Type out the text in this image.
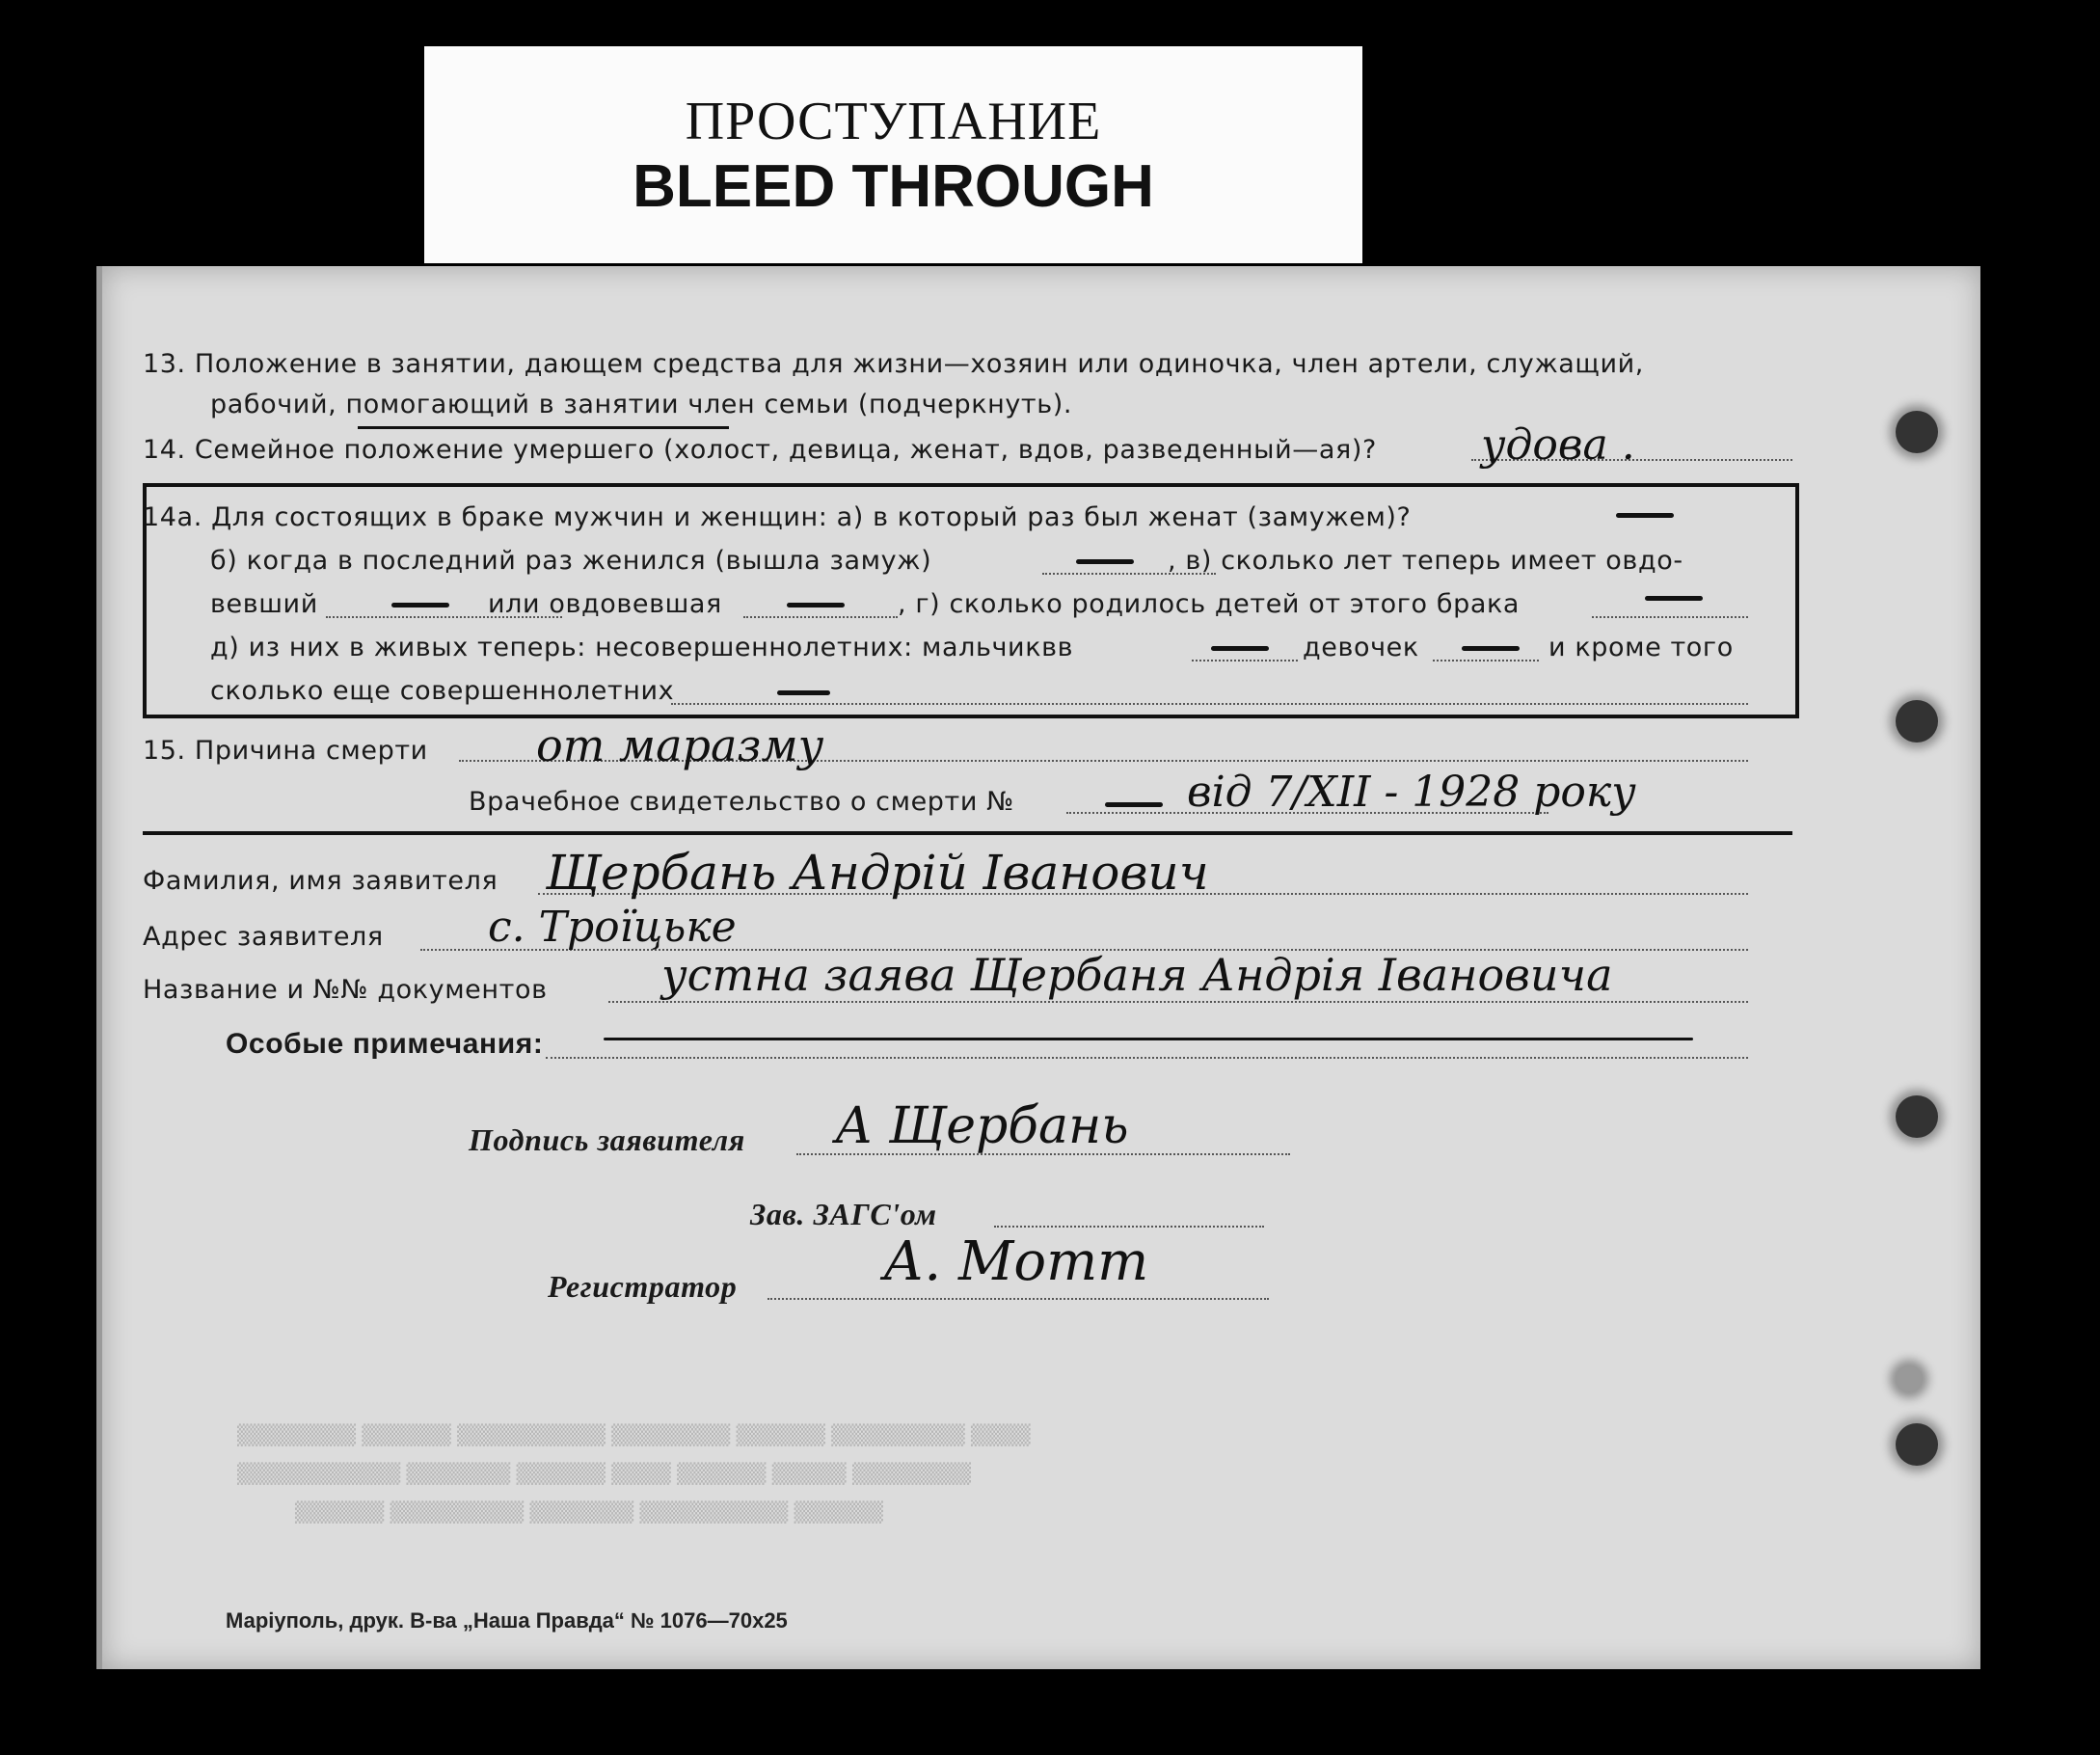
ПРОСТУПАНИЕ
BLEED THROUGH
▒▒▒▒ ▒▒▒▒▒▒▒▒▒ ▒▒▒▒▒▒ ▒▒▒▒▒▒▒▒ ▒▒▒▒▒▒▒▒▒▒ ▒▒▒▒▒▒ ▒▒▒▒▒▒▒▒
▒▒▒▒▒▒▒▒ ▒▒▒▒▒ ▒▒▒▒▒▒ ▒▒▒▒ ▒▒▒▒▒▒ ▒▒▒▒▒▒▒ ▒▒▒▒▒▒▒▒▒▒▒
▒▒▒▒▒▒ ▒▒▒▒▒▒▒▒▒▒ ▒▒▒▒▒▒▒ ▒▒▒▒▒▒▒▒▒ ▒▒▒▒▒▒
13. Положение в занятии, дающем средства для жизни—хозяин или одиночка, член артели, служащий,
рабочий, помогающий в занятии член семьи (подчеркнуть).
14. Семейное положение умершего (холост, девица, женат, вдов, разведенный—ая)? удова .
14а. Для состоящих в браке мужчин и женщин: а) в который раз был женат (замужем)?
б) когда в последний раз женился (вышла замуж)	, в) сколько лет теперь имеет овдо-
вевший	или овдовевшая	, г) сколько родилось детей от этого брака
д) из них в живых теперь: несовершеннолетних: мальчиквв	девочек	и кроме того
сколько еще совершеннолетних
15. Причина смерти от маразму
Врачебное свидетельство о смерти №	від 7/XII - 1928 року
Фамилия, имя заявителя Щербань Андрій Іванович
Адрес заявителя с. Троїцьке
Название и №№ документов	устна заява Щербаня Андрія Івановича
Особые примечания:
Подпись заявителя А Щербань
Зав. ЗАГС'ом
Регистратор	А. Мотт
Маріуполь, друк. В-ва „Наша Правда“ № 1076—70x25
